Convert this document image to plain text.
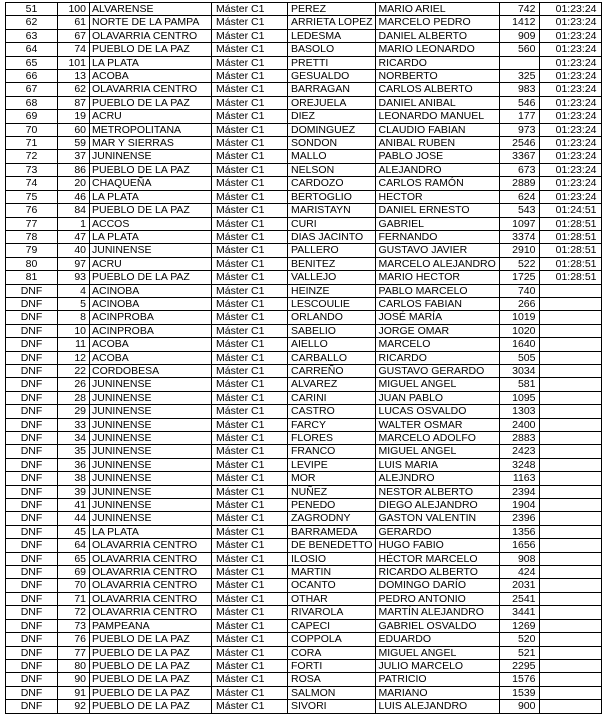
51	100	ALVARENSE	Máster C1	PEREZ	MARIO ARIEL	742	01:23:24
62	61	NORTE DE LA PAMPA	Máster C1	ARRIETA LOPEZ	MARCELO PEDRO	1412	01:23:24
63	67	OLAVARRIA CENTRO	Máster C1	LEDESMA	DANIEL ALBERTO	909	01:23:24
64	74	PUEBLO DE LA PAZ	Máster C1	BASOLO	MARIO LEONARDO	560	01:23:24
65	101	LA PLATA	Máster C1	PRETTI	RICARDO		01:23:24
66	13	ACOBA	Máster C1	GESUALDO	NORBERTO	325	01:23:24
67	62	OLAVARRIA CENTRO	Máster C1	BARRAGAN	CARLOS ALBERTO	983	01:23:24
68	87	PUEBLO DE LA PAZ	Máster C1	OREJUELA	DANIEL ANIBAL	546	01:23:24
69	19	ACRU	Máster C1	DIEZ	LEONARDO MANUEL	177	01:23:24
70	60	METROPOLITANA	Máster C1	DOMINGUEZ	CLAUDIO FABIAN	973	01:23:24
71	59	MAR Y SIERRAS	Máster C1	SONDON	ANIBAL RUBEN	2546	01:23:24
72	37	JUNINENSE	Máster C1	MALLO	PABLO JOSE	3367	01:23:24
73	86	PUEBLO DE LA PAZ	Máster C1	NELSON	ALEJANDRO	673	01:23:24
74	20	CHAQUEÑA	Máster C1	CARDOZO	CARLOS RAMÓN	2889	01:23:24
75	46	LA PLATA	Máster C1	BERTOGLIO	HECTOR	624	01:23:24
76	84	PUEBLO DE LA PAZ	Máster C1	MARISTAYN	DANIEL ERNESTO	543	01:24:51
77	1	ACCOS	Máster C1	CURI	GABRIEL	1097	01:28:51
78	47	LA PLATA	Máster C1	DIAS JACINTO	FERNANDO	3374	01:28:51
79	40	JUNINENSE	Máster C1	PALLERO	GUSTAVO JAVIER	2910	01:28:51
80	97	ACRU	Máster C1	BENITEZ	MARCELO ALEJANDRO	522	01:28:51
81	93	PUEBLO DE LA PAZ	Máster C1	VALLEJO	MARIO HECTOR	1725	01:28:51
DNF	4	ACINOBA	Máster C1	HEINZE	PABLO MARCELO	740	
DNF	5	ACINOBA	Máster C1	LESCOULIE	CARLOS FABIAN	266	
DNF	8	ACINPROBA	Máster C1	ORLANDO	JOSÉ MARÍA	1019	
DNF	10	ACINPROBA	Máster C1	SABELIO	JORGE OMAR	1020	
DNF	11	ACOBA	Máster C1	AIELLO	MARCELO	1640	
DNF	12	ACOBA	Máster C1	CARBALLO	RICARDO	505	
DNF	22	CORDOBESA	Máster C1	CARREÑO	GUSTAVO GERARDO	3034	
DNF	26	JUNINENSE	Máster C1	ALVAREZ	MIGUEL ANGEL	581	
DNF	28	JUNINENSE	Máster C1	CARINI	JUAN PABLO	1095	
DNF	29	JUNINENSE	Máster C1	CASTRO	LUCAS OSVALDO	1303	
DNF	33	JUNINENSE	Máster C1	FARCY	WALTER OSMAR	2400	
DNF	34	JUNINENSE	Máster C1	FLORES	MARCELO ADOLFO	2883	
DNF	35	JUNINENSE	Máster C1	FRANCO	MIGUEL ANGEL	2423	
DNF	36	JUNINENSE	Máster C1	LEVIPE	LUIS MARIA	3248	
DNF	38	JUNINENSE	Máster C1	MOR	ALEJNDRO	1163	
DNF	39	JUNINENSE	Máster C1	NUÑEZ	NESTOR ALBERTO	2394	
DNF	41	JUNINENSE	Máster C1	PENEDO	DIEGO ALEJANDRO	1904	
DNF	44	JUNINENSE	Máster C1	ZAGRODNY	GASTON VALENTIN	2396	
DNF	45	LA PLATA	Máster C1	BARRAMEDA	GERARDO	1356	
DNF	64	OLAVARRIA CENTRO	Máster C1	DE BENEDETTO	HUGO FABIO	1656	
DNF	65	OLAVARRIA CENTRO	Máster C1	ILOSIO	HÉCTOR MARCELO	908	
DNF	69	OLAVARRIA CENTRO	Máster C1	MARTIN	RICARDO ALBERTO	424	
DNF	70	OLAVARRIA CENTRO	Máster C1	OCANTO	DOMINGO DARÍO	2031	
DNF	71	OLAVARRIA CENTRO	Máster C1	OTHAR	PEDRO ANTONIO	2541	
DNF	72	OLAVARRIA CENTRO	Máster C1	RIVAROLA	MARTÍN ALEJANDRO	3441	
DNF	73	PAMPEANA	Máster C1	CAPECI	GABRIEL OSVALDO	1269	
DNF	76	PUEBLO DE LA PAZ	Máster C1	COPPOLA	EDUARDO	520	
DNF	77	PUEBLO DE LA PAZ	Máster C1	CORA	MIGUEL ANGEL	521	
DNF	80	PUEBLO DE LA PAZ	Máster C1	FORTI	JULIO MARCELO	2295	
DNF	90	PUEBLO DE LA PAZ	Máster C1	ROSA	PATRICIO	1576	
DNF	91	PUEBLO DE LA PAZ	Máster C1	SALMON	MARIANO	1539	
DNF	92	PUEBLO DE LA PAZ	Máster C1	SIVORI	LUIS ALEJANDRO	900	
